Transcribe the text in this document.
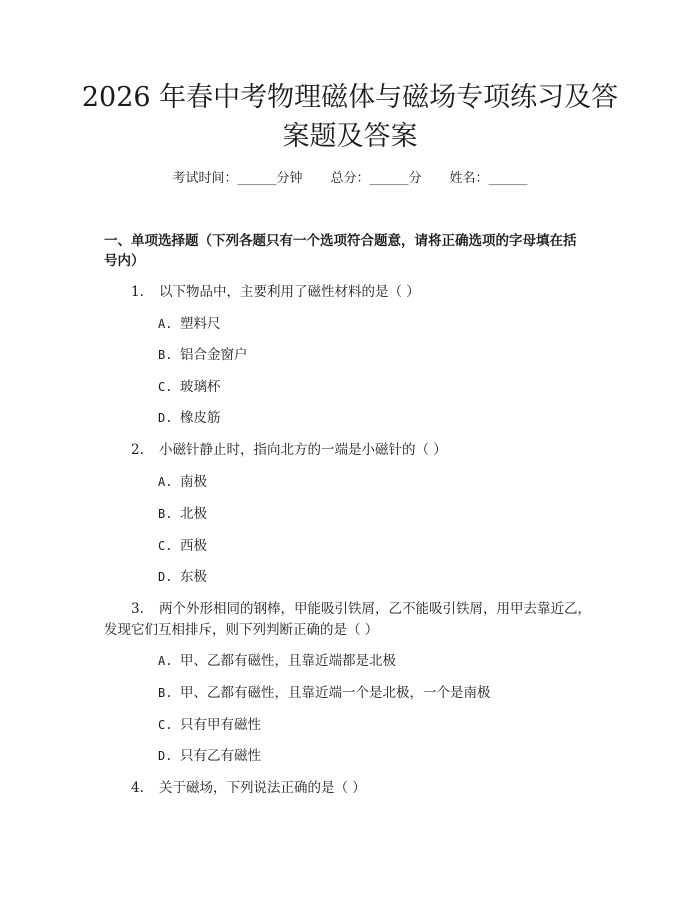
2026 年春中考物理磁体与磁场专项练习及答
案题及答案
考试时间：______分钟 总分：______分 姓名：______
一、单项选择题（下列各题只有一个选项符合题意，请将正确选项的字母填在括
号内）
1. 以下物品中，主要利用了磁性材料的是（ ）
A. 塑料尺
B. 铝合金窗户
C. 玻璃杯
D. 橡皮筋
2. 小磁针静止时，指向北方的一端是小磁针的（ ）
A. 南极
B. 北极
C. 西极
D. 东极
3. 两个外形相同的钢棒，甲能吸引铁屑，乙不能吸引铁屑，用甲去靠近乙，
发现它们互相排斥，则下列判断正确的是（ ）
A. 甲、乙都有磁性，且靠近端都是北极
B. 甲、乙都有磁性，且靠近端一个是北极，一个是南极
C. 只有甲有磁性
D. 只有乙有磁性
4. 关于磁场，下列说法正确的是（ ）
